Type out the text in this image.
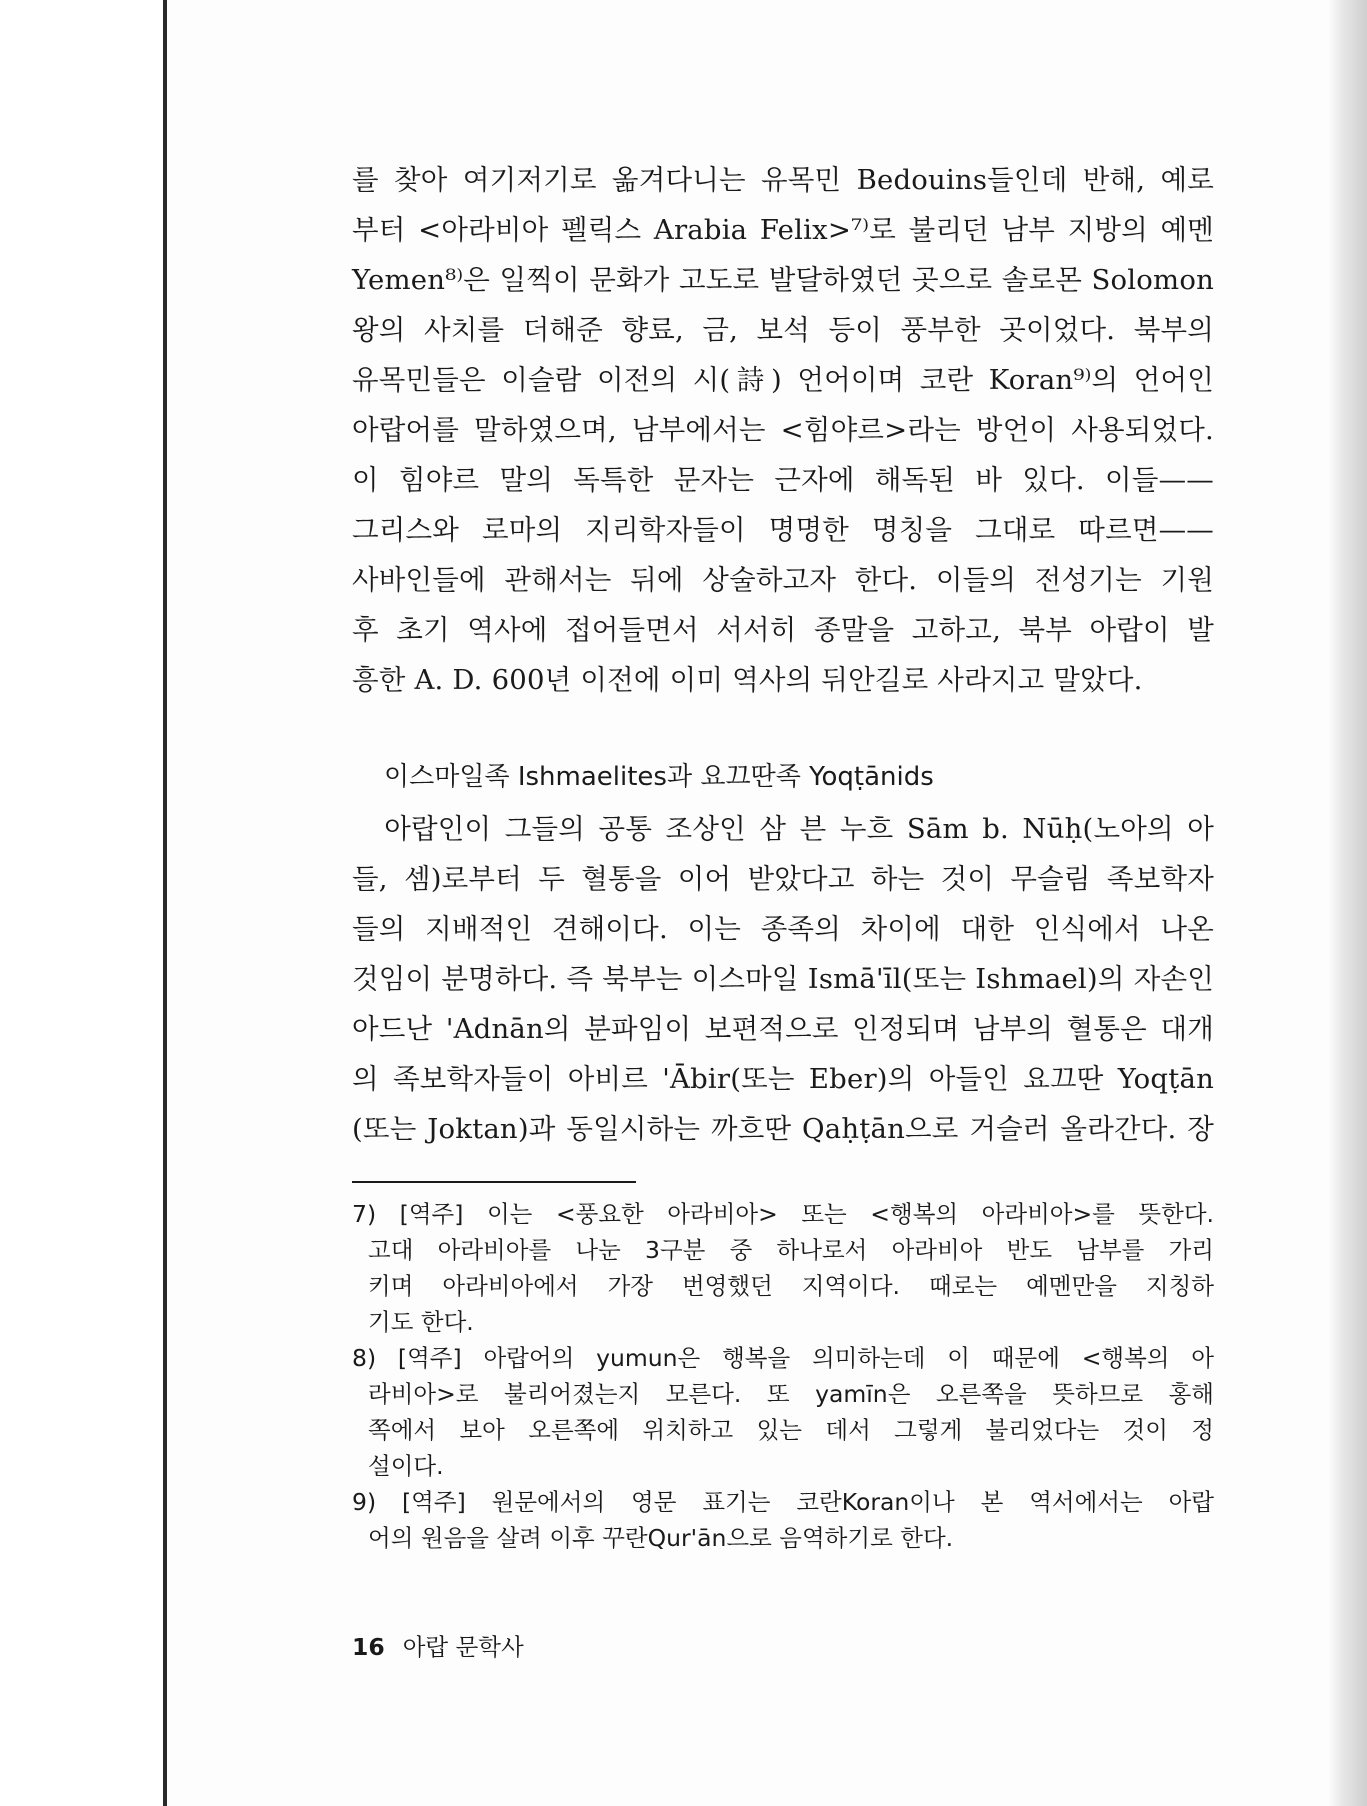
를 찾아 여기저기로 옮겨다니는 유목민 Bedouins들인데 반해, 예로
부터 <아라비아 펠릭스 Arabia Felix>⁷⁾로 불리던 남부 지방의 예멘
Yemen⁸⁾은 일찍이 문화가 고도로 발달하였던 곳으로 솔로몬 Solomon
왕의 사치를 더해준 향료, 금, 보석 등이 풍부한 곳이었다. 북부의
유목민들은 이슬람 이전의 시(詩) 언어이며 코란 Koran⁹⁾의 언어인
아랍어를 말하였으며, 남부에서는 <힘야르>라는 방언이 사용되었다.
이 힘야르 말의 독특한 문자는 근자에 해독된 바 있다. 이들——
그리스와 로마의 지리학자들이 명명한 명칭을 그대로 따르면——
사바인들에 관해서는 뒤에 상술하고자 한다. 이들의 전성기는 기원
후 초기 역사에 접어들면서 서서히 종말을 고하고, 북부 아랍이 발
흥한 A. D. 600년 이전에 이미 역사의 뒤안길로 사라지고 말았다.
이스마일족 Ishmaelites과 요끄딴족 Yoqṭānids
　아랍인이 그들의 공통 조상인 삼 븐 누흐 Sām b. Nūḥ(노아의 아
들, 셈)로부터 두 혈통을 이어 받았다고 하는 것이 무슬림 족보학자
들의 지배적인 견해이다. 이는 종족의 차이에 대한 인식에서 나온
것임이 분명하다. 즉 북부는 이스마일 Ismā'īl(또는 Ishmael)의 자손인
아드난 'Adnān의 분파임이 보편적으로 인정되며 남부의 혈통은 대개
의 족보학자들이 아비르 'Ābir(또는 Eber)의 아들인 요끄딴 Yoqṭān
(또는 Joktan)과 동일시하는 까흐딴 Qaḥṭān으로 거슬러 올라간다. 장
7) [역주] 이는 <풍요한 아라비아> 또는 <행복의 아라비아>를 뜻한다.
고대 아라비아를 나눈 3구분 중 하나로서 아라비아 반도 남부를 가리
키며 아라비아에서 가장 번영했던 지역이다. 때로는 예멘만을 지칭하
기도 한다.
8) [역주] 아랍어의 yumun은 행복을 의미하는데 이 때문에 <행복의 아
라비아>로 불리어졌는지 모른다. 또 yamīn은 오른쪽을 뜻하므로 홍해
쪽에서 보아 오른쪽에 위치하고 있는 데서 그렇게 불리었다는 것이 정
설이다.
9) [역주] 원문에서의 영문 표기는 코란Koran이나 본 역서에서는 아랍
어의 원음을 살려 이후 꾸란Qur'ān으로 음역하기로 한다.
16 아랍 문학사
